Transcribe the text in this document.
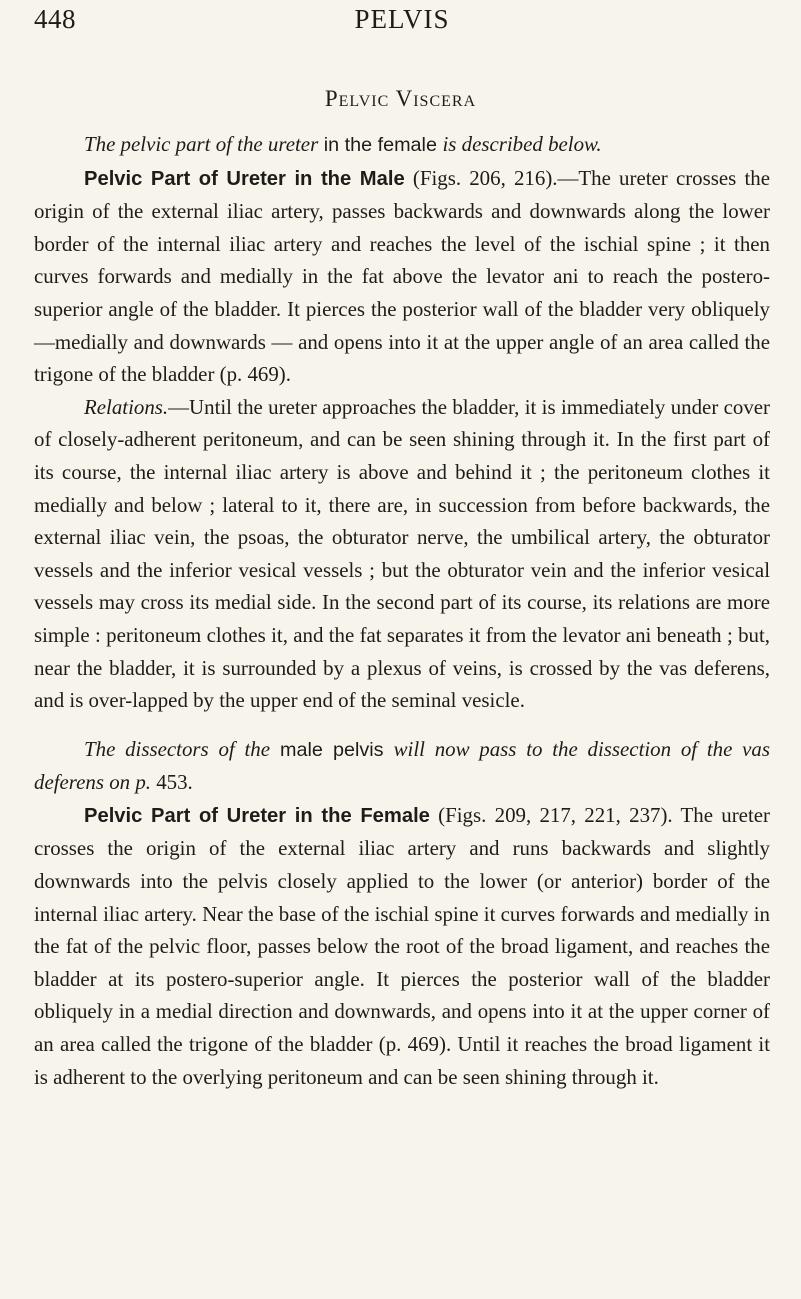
448	PELVIS
Pelvic Viscera

The pelvic part of the ureter in the female is described below.

Pelvic Part of Ureter in the Male (Figs. 206, 216).—The ureter crosses the origin of the external iliac artery, passes backwards and downwards along the lower border of the internal iliac artery and reaches the level of the ischial spine ; it then curves forwards and medially in the fat above the levator ani to reach the postero-superior angle of the bladder. It pierces the posterior wall of the bladder very obliquely—medially and downwards — and opens into it at the upper angle of an area called the trigone of the bladder (p. 469).

Relations.—Until the ureter approaches the bladder, it is immediately under cover of closely-adherent peritoneum, and can be seen shining through it. In the first part of its course, the internal iliac artery is above and behind it ; the peritoneum clothes it medially and below ; lateral to it, there are, in succession from before backwards, the external iliac vein, the psoas, the obturator nerve, the umbilical artery, the obturator vessels and the inferior vesical vessels ; but the obturator vein and the inferior vesical vessels may cross its medial side. In the second part of its course, its relations are more simple : peritoneum clothes it, and the fat separates it from the levator ani beneath ; but, near the bladder, it is surrounded by a plexus of veins, is crossed by the vas deferens, and is over-lapped by the upper end of the seminal vesicle.

The dissectors of the male pelvis will now pass to the dissection of the vas deferens on p. 453.

Pelvic Part of Ureter in the Female (Figs. 209, 217, 221, 237). The ureter crosses the origin of the external iliac artery and runs backwards and slightly downwards into the pelvis closely applied to the lower (or anterior) border of the internal iliac artery. Near the base of the ischial spine it curves forwards and medially in the fat of the pelvic floor, passes below the root of the broad ligament, and reaches the bladder at its postero-superior angle. It pierces the posterior wall of the bladder obliquely in a medial direction and downwards, and opens into it at the upper corner of an area called the trigone of the bladder (p. 469). Until it reaches the broad ligament it is adherent to the overlying peritoneum and can be seen shining through it.
